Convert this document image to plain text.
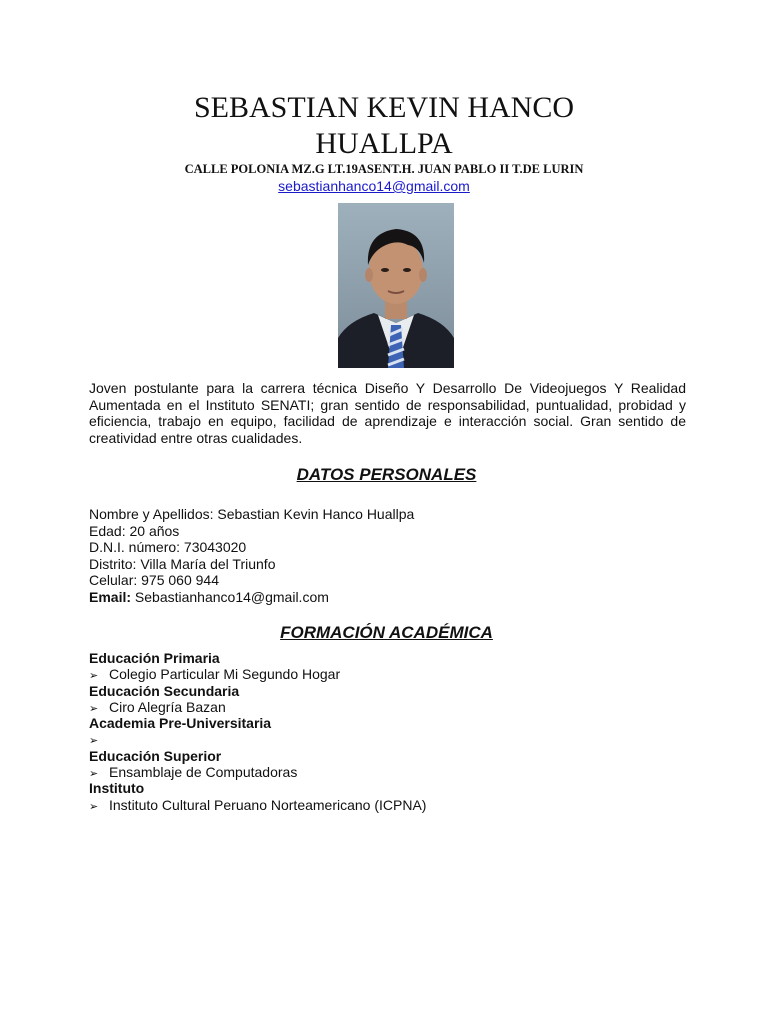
SEBASTIAN KEVIN HANCO
HUALLPA
CALLE POLONIA MZ.G LT.19ASENT.H. JUAN PABLO II T.DE LURIN
sebastianhanco14@gmail.com

Joven postulante para la carrera técnica Diseño Y Desarrollo De Videojuegos Y Realidad Aumentada en el Instituto SENATI; gran sentido de responsabilidad, puntualidad, probidad y eficiencia, trabajo en equipo, facilidad de aprendizaje e interacción social. Gran sentido de creatividad entre otras cualidades.

DATOS PERSONALES
Nombre y Apellidos: Sebastian Kevin Hanco Huallpa
Edad: 20 años
D.N.I. número: 73043020
Distrito: Villa María del Triunfo
Celular: 975 060 944
Email: Sebastianhanco14@gmail.com
FORMACIÓN ACADÉMICA
Educación Primaria
➢ Colegio Particular Mi Segundo Hogar
Educación Secundaria
➢ Ciro Alegría Bazan
Academia Pre-Universitaria
➢
Educación Superior
➢ Ensamblaje de Computadoras
Instituto
➢ Instituto Cultural Peruano Norteamericano (ICPNA)
